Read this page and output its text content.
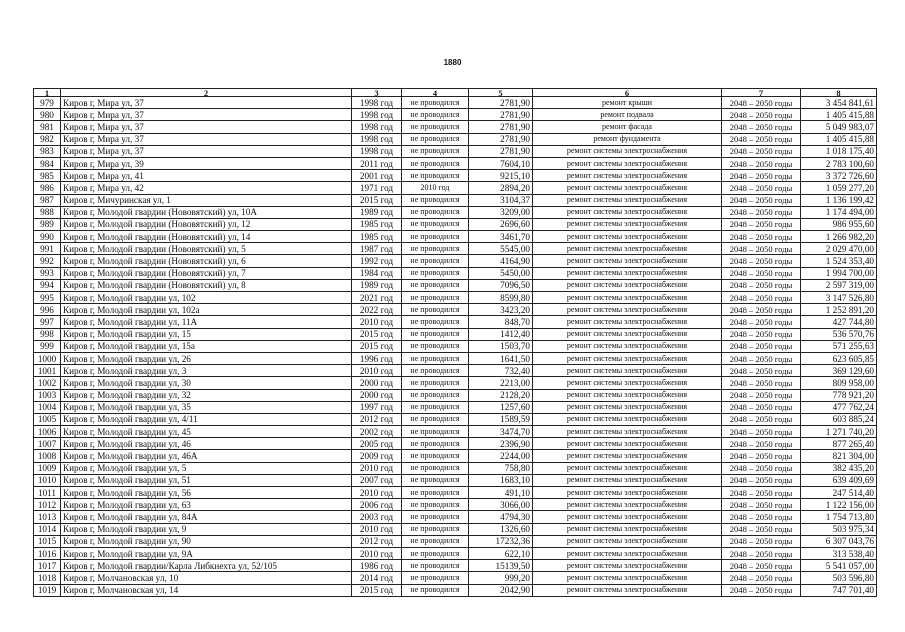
1880
1	2	3	4	5	6	7	8
979	Киров г, Мира ул, 37	1998 год	не проводился	2781,90	ремонт крыши	2048 – 2050 годы	3 454 841,61
980	Киров г, Мира ул, 37	1998 год	не проводился	2781,90	ремонт подвала	2048 – 2050 годы	1 405 415,88
981	Киров г, Мира ул, 37	1998 год	не проводился	2781,90	ремонт фасада	2048 – 2050 годы	5 049 983,07
982	Киров г, Мира ул, 37	1998 год	не проводился	2781,90	ремонт фундамента	2048 – 2050 годы	1 405 415,88
983	Киров г, Мира ул, 37	1998 год	не проводился	2781,90	ремонт системы электроснабжения	2048 – 2050 годы	1 018 175,40
984	Киров г, Мира ул, 39	2011 год	не проводился	7604,10	ремонт системы электроснабжения	2048 – 2050 годы	2 783 100,60
985	Киров г, Мира ул, 41	2001 год	не проводился	9215,10	ремонт системы электроснабжения	2048 – 2050 годы	3 372 726,60
986	Киров г, Мира ул, 42	1971 год	2010 год	2894,20	ремонт системы электроснабжения	2048 – 2050 годы	1 059 277,20
987	Киров г, Мичуринская ул, 1	2015 год	не проводился	3104,37	ремонт системы электроснабжения	2048 – 2050 годы	1 136 199,42
988	Киров г, Молодой гвардии (Нововятский) ул, 10А	1989 год	не проводился	3209,00	ремонт системы электроснабжения	2048 – 2050 годы	1 174 494,00
989	Киров г, Молодой гвардии (Нововятский) ул, 12	1985 год	не проводился	2696,60	ремонт системы электроснабжения	2048 – 2050 годы	986 955,60
990	Киров г, Молодой гвардии (Нововятский) ул, 14	1985 год	не проводился	3461,70	ремонт системы электроснабжения	2048 – 2050 годы	1 266 982,20
991	Киров г, Молодой гвардии (Нововятский) ул, 5	1987 год	не проводился	5545,00	ремонт системы электроснабжения	2048 – 2050 годы	2 029 470,00
992	Киров г, Молодой гвардии (Нововятский) ул, 6	1992 год	не проводился	4164,90	ремонт системы электроснабжения	2048 – 2050 годы	1 524 353,40
993	Киров г, Молодой гвардии (Нововятский) ул, 7	1984 год	не проводился	5450,00	ремонт системы электроснабжения	2048 – 2050 годы	1 994 700,00
994	Киров г, Молодой гвардии (Нововятский) ул, 8	1989 год	не проводился	7096,50	ремонт системы электроснабжения	2048 – 2050 годы	2 597 319,00
995	Киров г, Молодой гвардии ул, 102	2021 год	не проводился	8599,80	ремонт системы электроснабжения	2048 – 2050 годы	3 147 526,80
996	Киров г, Молодой гвардии ул, 102а	2022 год	не проводился	3423,20	ремонт системы электроснабжения	2048 – 2050 годы	1 252 891,20
997	Киров г, Молодой гвардии ул, 11А	2010 год	не проводился	848,70	ремонт системы электроснабжения	2048 – 2050 годы	427 744,80
998	Киров г, Молодой гвардии ул, 15	2015 год	не проводился	1412,40	ремонт системы электроснабжения	2048 – 2050 годы	536 570,76
999	Киров г, Молодой гвардии ул, 15а	2015 год	не проводился	1503,70	ремонт системы электроснабжения	2048 – 2050 годы	571 255,63
1000	Киров г, Молодой гвардии ул, 26	1996 год	не проводился	1641,50	ремонт системы электроснабжения	2048 – 2050 годы	623 605,85
1001	Киров г, Молодой гвардии ул, 3	2010 год	не проводился	732,40	ремонт системы электроснабжения	2048 – 2050 годы	369 129,60
1002	Киров г, Молодой гвардии ул, 30	2000 год	не проводился	2213,00	ремонт системы электроснабжения	2048 – 2050 годы	809 958,00
1003	Киров г, Молодой гвардии ул, 32	2000 год	не проводился	2128,20	ремонт системы электроснабжения	2048 – 2050 годы	778 921,20
1004	Киров г, Молодой гвардии ул, 35	1997 год	не проводился	1257,60	ремонт системы электроснабжения	2048 – 2050 годы	477 762,24
1005	Киров г, Молодой гвардии ул, 4/11	2012 год	не проводился	1589,59	ремонт системы электроснабжения	2048 – 2050 годы	603 885,24
1006	Киров г, Молодой гвардии ул, 45	2002 год	не проводился	3474,70	ремонт системы электроснабжения	2048 – 2050 годы	1 271 740,20
1007	Киров г, Молодой гвардии ул, 46	2005 год	не проводился	2396,90	ремонт системы электроснабжения	2048 – 2050 годы	877 265,40
1008	Киров г, Молодой гвардии ул, 46А	2009 год	не проводился	2244,00	ремонт системы электроснабжения	2048 – 2050 годы	821 304,00
1009	Киров г, Молодой гвардии ул, 5	2010 год	не проводился	758,80	ремонт системы электроснабжения	2048 – 2050 годы	382 435,20
1010	Киров г, Молодой гвардии ул, 51	2007 год	не проводился	1683,10	ремонт системы электроснабжения	2048 – 2050 годы	639 409,69
1011	Киров г, Молодой гвардии ул, 56	2010 год	не проводился	491,10	ремонт системы электроснабжения	2048 – 2050 годы	247 514,40
1012	Киров г, Молодой гвардии ул, 63	2006 год	не проводился	3066,00	ремонт системы электроснабжения	2048 – 2050 годы	1 122 156,00
1013	Киров г, Молодой гвардии ул, 84А	2003 год	не проводился	4794,30	ремонт системы электроснабжения	2048 – 2050 годы	1 754 713,80
1014	Киров г, Молодой гвардии ул, 9	2010 год	не проводился	1326,60	ремонт системы электроснабжения	2048 – 2050 годы	503 975,34
1015	Киров г, Молодой гвардии ул, 90	2012 год	не проводился	17232,36	ремонт системы электроснабжения	2048 – 2050 годы	6 307 043,76
1016	Киров г, Молодой гвардии ул, 9А	2010 год	не проводился	622,10	ремонт системы электроснабжения	2048 – 2050 годы	313 538,40
1017	Киров г, Молодой гвардии/Карла Либкнехта ул, 52/105	1986 год	не проводился	15139,50	ремонт системы электроснабжения	2048 – 2050 годы	5 541 057,00
1018	Киров г, Молчановская ул, 10	2014 год	не проводился	999,20	ремонт системы электроснабжения	2048 – 2050 годы	503 596,80
1019	Киров г, Молчановская ул, 14	2015 год	не проводился	2042,90	ремонт системы электроснабжения	2048 – 2050 годы	747 701,40
